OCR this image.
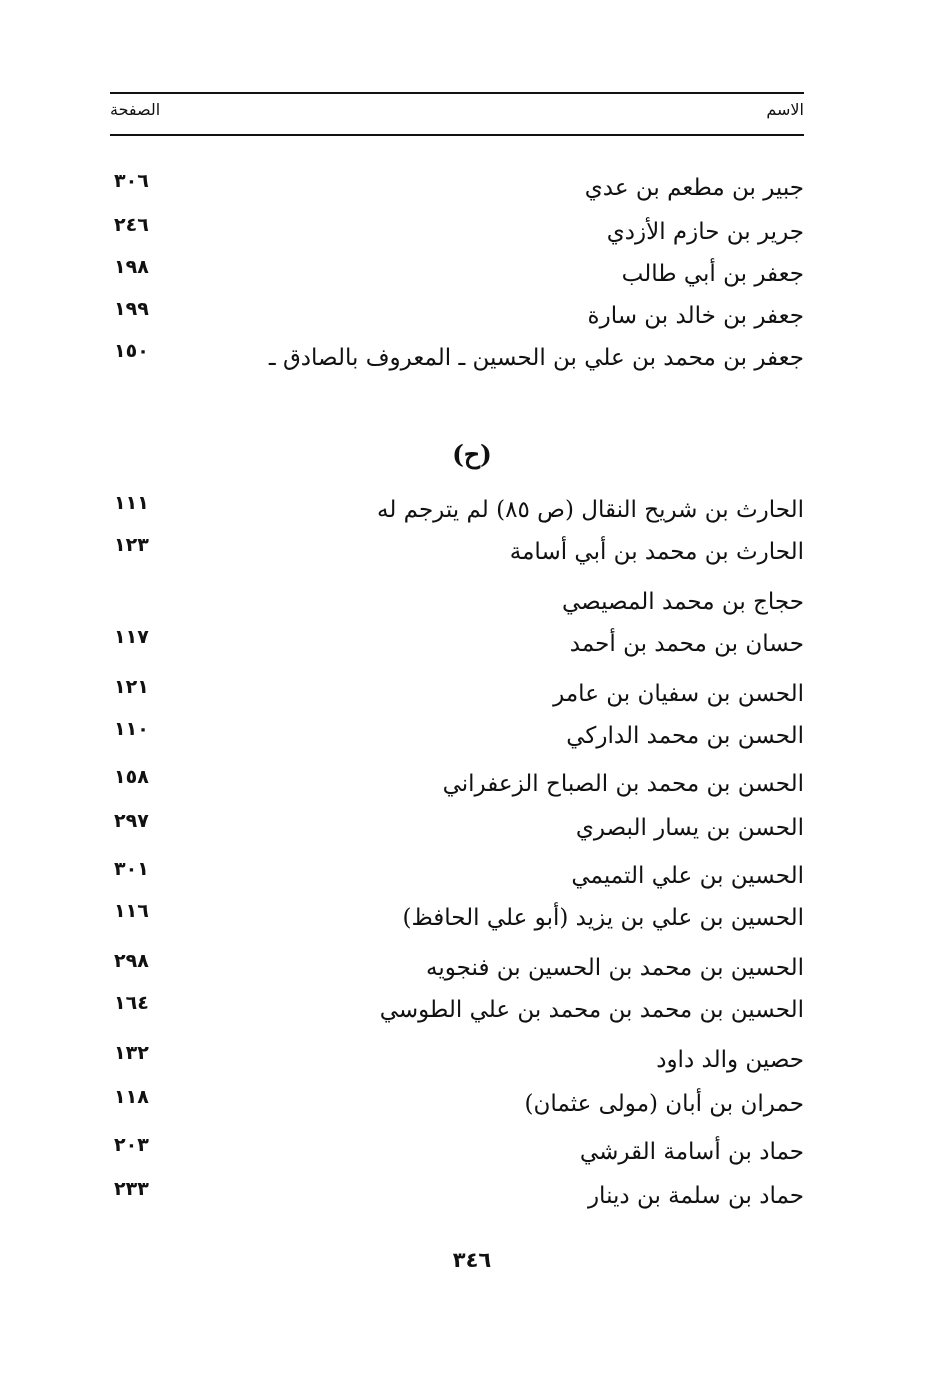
الاسم
الصفحة
جبير بن مطعم بن عدي
٣٠٦
جرير بن حازم الأزدي
٢٤٦
جعفر بن أبي طالب
١٩٨
جعفر بن خالد بن سارة
١٩٩
جعفر بن محمد بن علي بن الحسين ـ المعروف بالصادق ـ
١٥٠
(ح)
الحارث بن شريح النقال (ص ٨٥) لم يترجم له
١١١
الحارث بن محمد بن أبي أسامة
١٢٣
حجاج بن محمد المصيصي
حسان بن محمد بن أحمد
١١٧
الحسن بن سفيان بن عامر
١٢١
الحسن بن محمد الداركي
١١٠
الحسن بن محمد بن الصباح الزعفراني
١٥٨
الحسن بن يسار البصري
٢٩٧
الحسين بن علي التميمي
٣٠١
الحسين بن علي بن يزيد (أبو علي الحافظ)
١١٦
الحسين بن محمد بن الحسين بن فنجويه
٢٩٨
الحسين بن محمد بن محمد بن علي الطوسي
١٦٤
حصين والد داود
١٣٢
حمران بن أبان (مولى عثمان)
١١٨
حماد بن أسامة القرشي
٢٠٣
حماد بن سلمة بن دينار
٢٣٣
٣٤٦
